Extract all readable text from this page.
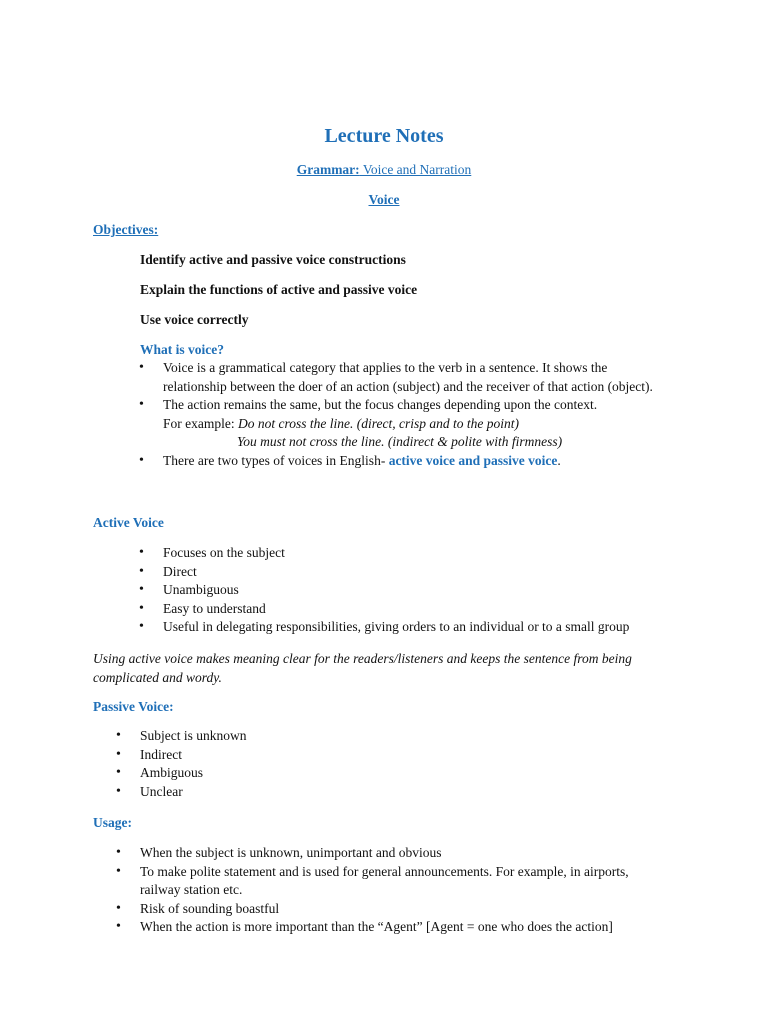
Lecture Notes
Grammar: Voice and Narration
Voice
Objectives:
Identify active and passive voice constructions
Explain the functions of active and passive voice
Use voice correctly
What is voice?
• Voice is a grammatical category that applies to the verb in a sentence. It shows the relationship between the doer of an action (subject) and the receiver of that action (object).
• The action remains the same, but the focus changes depending upon the context.
For example: Do not cross the line. (direct, crisp and to the point)
You must not cross the line. (indirect & polite with firmness)
• There are two types of voices in English- active voice and passive voice.
Active Voice
• Focuses on the subject
• Direct
• Unambiguous
• Easy to understand
• Useful in delegating responsibilities, giving orders to an individual or to a small group
Using active voice makes meaning clear for the readers/listeners and keeps the sentence from being complicated and wordy.
Passive Voice:
• Subject is unknown
• Indirect
• Ambiguous
• Unclear
Usage:
• When the subject is unknown, unimportant and obvious
• To make polite statement and is used for general announcements. For example, in airports, railway station etc.
• Risk of sounding boastful
• When the action is more important than the “Agent” [Agent = one who does the action]
